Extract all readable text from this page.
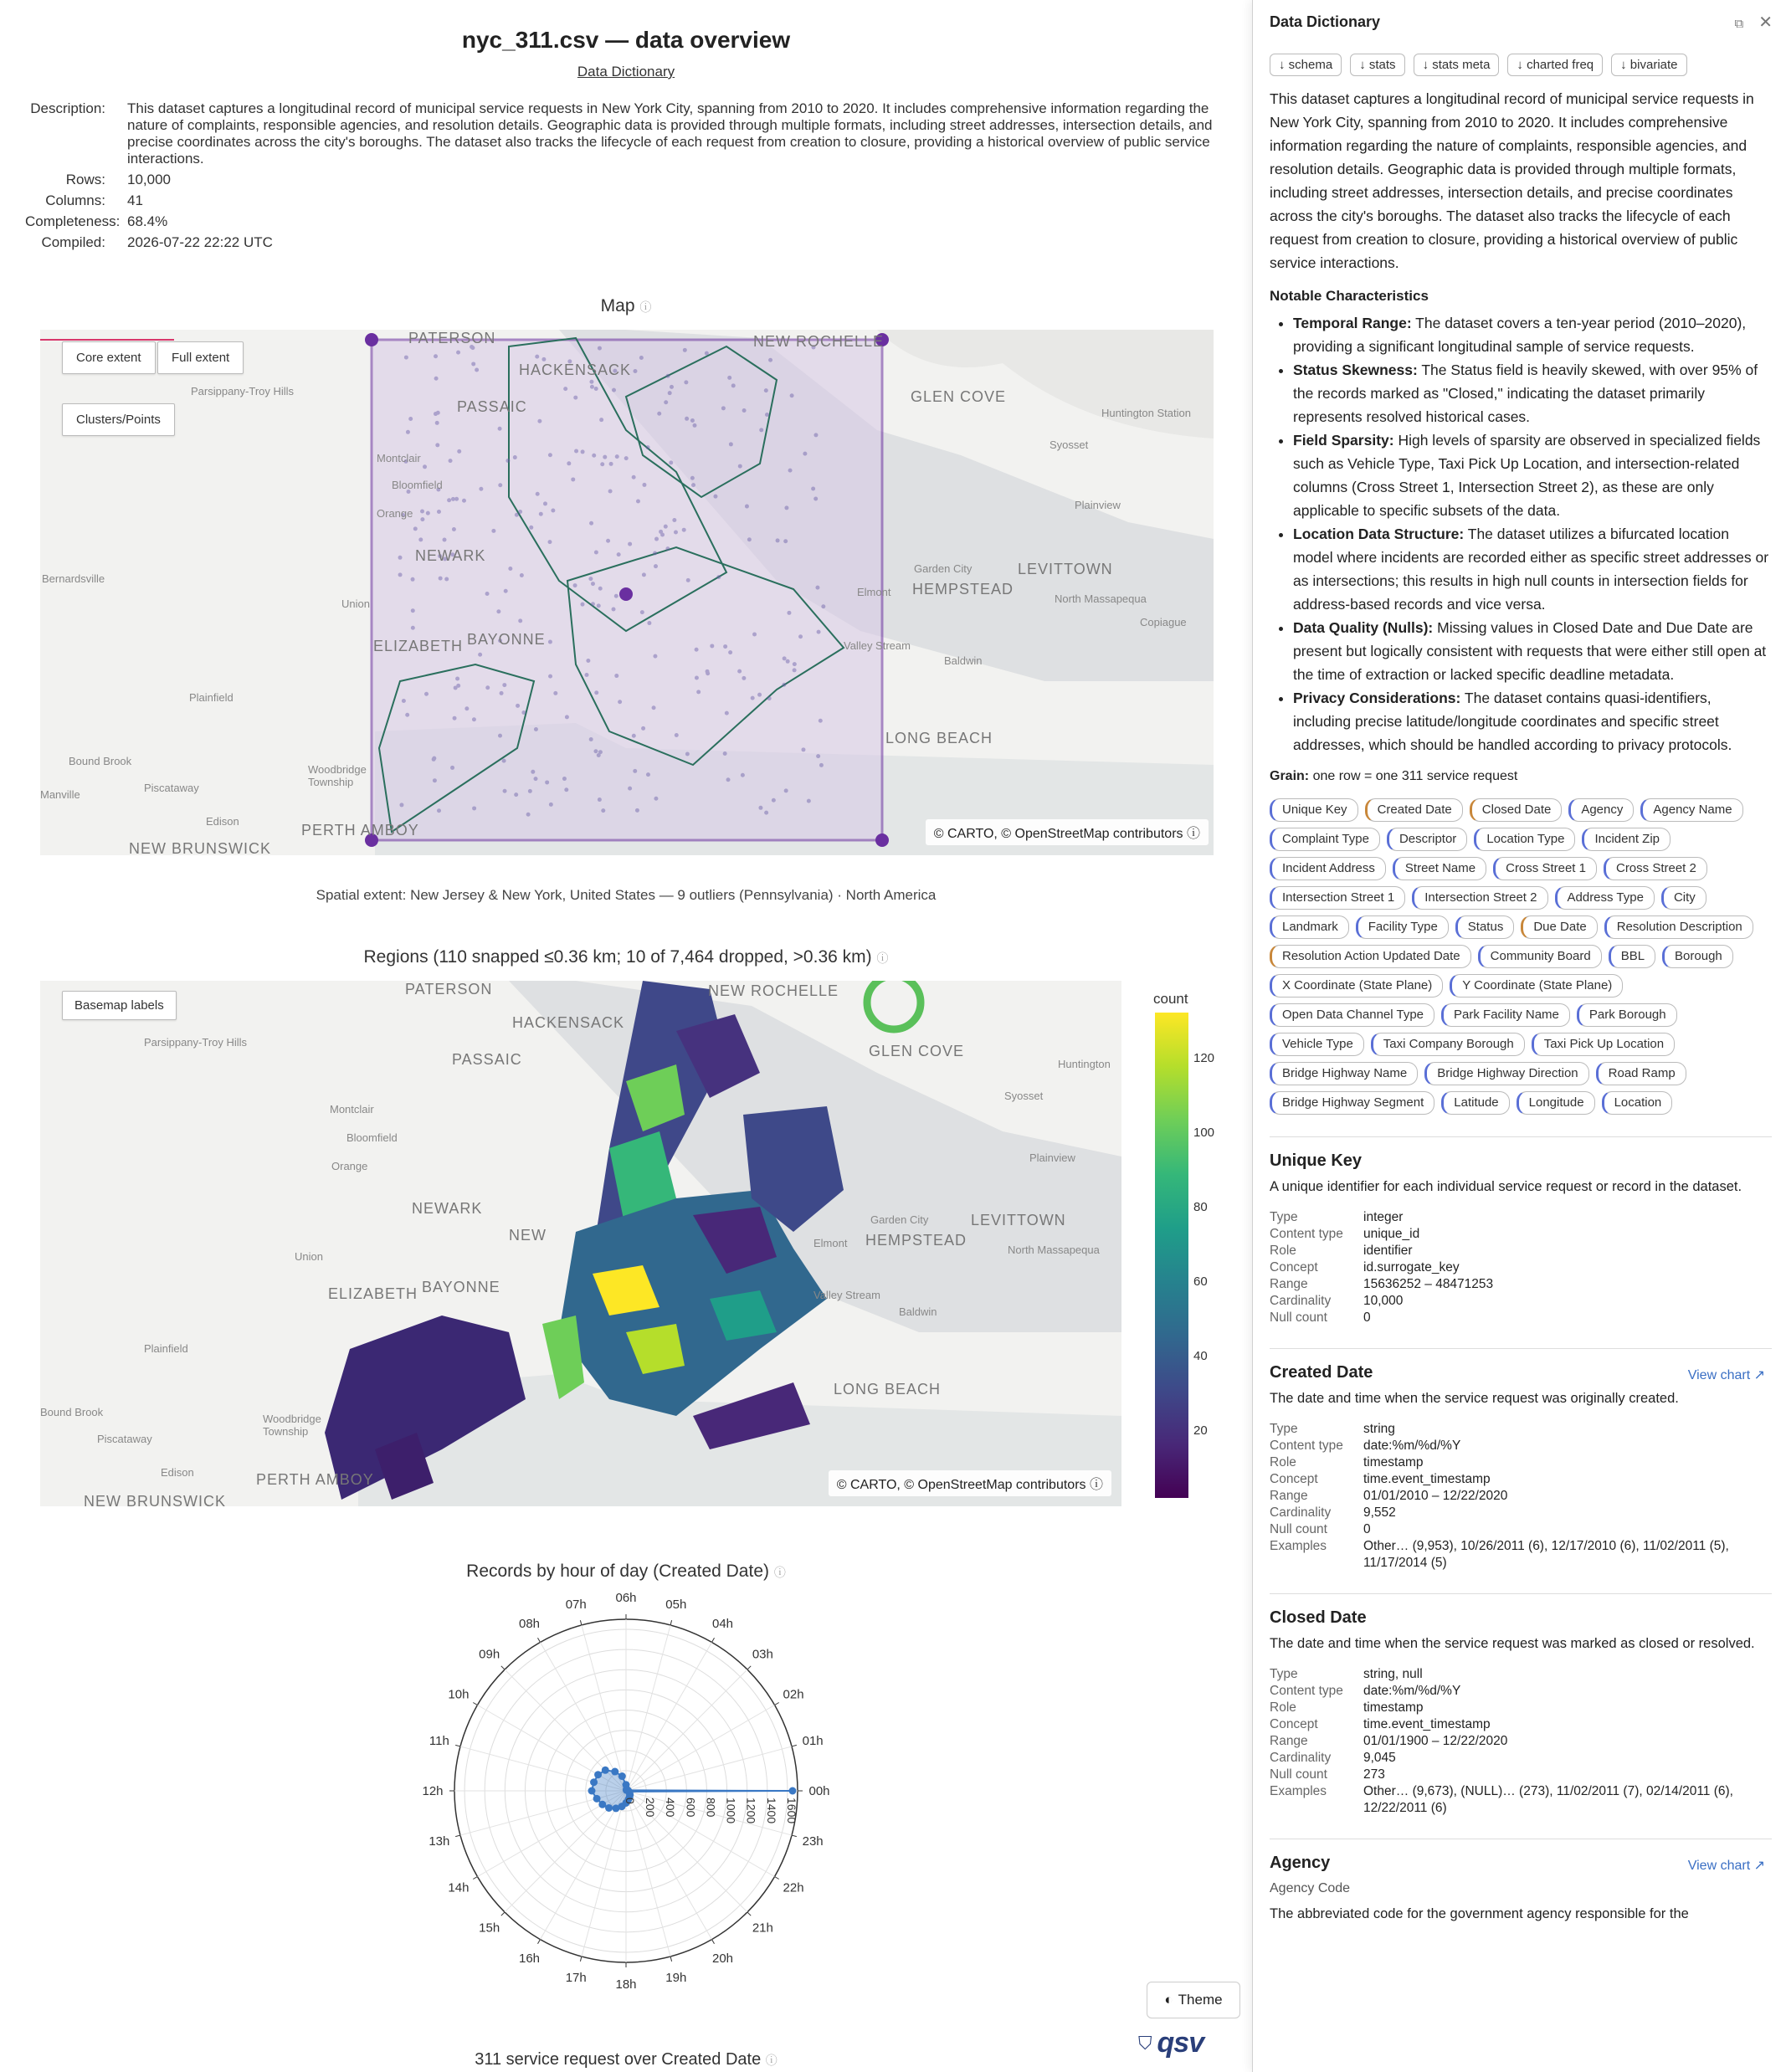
nyc_311.csv — data overview
Data Dictionary
Description:	This dataset captures a longitudinal record of municipal service requests in New York City, spanning from 2010 to 2020. It includes comprehensive information regarding the nature of complaints, responsible agencies, and resolution details. Geographic data is provided through multiple formats, including street addresses, intersection details, and precise coordinates across the city's boroughs. The dataset also tracks the lifecycle of each request from creation to closure, providing a historical overview of public service interactions.
Rows:	10,000
Columns:	41
Completeness: 68.4%
Compiled:	2026-07-22 22:22 UTC
Map ⓘ
PATERSON
HACKENSACK
PASSAIC
NEWARK
ELIZABETH BAYONNE
NEW ROCHELLE
GLEN COVE
HEMPSTEAD
LEVITTOWN
LONG BEACH
PERTH AMBOY
NEW BRUNSWICK
Parsippany-Troy Hills
Montclair
Bloomfield
Orange
Bernardsville
Union
Plainfield
Bound Brook
Manville
Piscataway
Edison
Woodbridge Township
Huntington Station
Syosset
Plainview
Garden City
North Massapequa
Copiague
Baldwin
Valley Stream
Elmont
Core extent	Full extent
Clusters/Points
© CARTO, © OpenStreetMap contributors ⓘ
Spatial extent: New Jersey & New York, United States — 9 outliers (Pennsylvania) · North America
Regions (110 snapped ≤0.36 km; 10 of 7,464 dropped, >0.36 km) ⓘ
PATERSON
HACKENSACK
PASSAIC
NEWARK
ELIZABETH BAYONNE
NEW ROCHELLE
GLEN COVE
HEMPSTEAD
LEVITTOWN
LONG BEACH
PERTH AMBOY
NEW BRUNSWICK
NEW
Parsippany-Troy Hills
Montclair
Bloomfield
Orange
Union
Plainfield
Bound Brook
Piscataway
Edison
Woodbridge Township
Huntington
Syosset
Plainview
Garden City
North Massapequa
Baldwin
Valley Stream
Elmont
Basemap labels
© CARTO, © OpenStreetMap contributors ⓘ
count
120
100
80
60
40
20
Records by hour of day (Created Date) ⓘ
00h
01h
02h
03h
04h
05h
06h
07h
08h
09h
10h
11h
12h
13h
14h
15h
16h
17h 18h 19h
20h
21h
22h
23h
0 200 400 600 800 1000 1200 1400 1600
◐ Theme
⛉ qsv
311 service request over Created Date ⓘ
Data Dictionary	⧉ ✕
↓ schema	↓ stats	↓ stats meta	↓ charted freq	↓ bivariate

This dataset captures a longitudinal record of municipal service requests in New York City, spanning from 2010 to 2020. It includes comprehensive information regarding the nature of complaints, responsible agencies, and resolution details. Geographic data is provided through multiple formats, including street addresses, intersection details, and precise coordinates across the city's boroughs. The dataset also tracks the lifecycle of each request from creation to closure, providing a historical overview of public service interactions.

Notable Characteristics
• Temporal Range: The dataset covers a ten-year period (2010–2020), providing a significant longitudinal sample of service requests.
• Status Skewness: The Status field is heavily skewed, with over 95% of the records marked as "Closed," indicating the dataset primarily represents resolved historical cases.
• Field Sparsity: High levels of sparsity are observed in specialized fields such as Vehicle Type, Taxi Pick Up Location, and intersection-related columns (Cross Street 1, Intersection Street 2), as these are only applicable to specific subsets of the data.
• Location Data Structure: The dataset utilizes a bifurcated location model where incidents are recorded either as specific street addresses or as intersections; this results in high null counts in intersection fields for address-based records and vice versa.
• Data Quality (Nulls): Missing values in Closed Date and Due Date are present but logically consistent with requests that were either still open at the time of extraction or lacked specific deadline metadata.
• Privacy Considerations: The dataset contains quasi-identifiers, including precise latitude/longitude coordinates and specific street addresses, which should be handled according to privacy protocols.
Grain: one row = one 311 service request
Unique Key	Created Date	Closed Date	Agency	Agency Name
Complaint Type	Descriptor	Location Type	Incident Zip
Incident Address	Street Name	Cross Street 1	Cross Street 2
Intersection Street 1	Intersection Street 2	Address Type	City
Landmark	Facility Type	Status	Due Date	Resolution Description
Resolution Action Updated Date	Community Board	BBL	Borough
X Coordinate (State Plane)	Y Coordinate (State Plane)
Open Data Channel Type	Park Facility Name	Park Borough
Vehicle Type	Taxi Company Borough	Taxi Pick Up Location
Bridge Highway Name	Bridge Highway Direction	Road Ramp
Bridge Highway Segment	Latitude	Longitude	Location
Unique Key
A unique identifier for each individual service request or record in the dataset.
Type	integer
Content type	unique_id
Role	identifier
Concept	id.surrogate_key
Range	15636252 – 48471253
Cardinality	10,000
Null count	0
Created Date	View chart ↗
The date and time when the service request was originally created.
Type	string
Content type	date:%m/%d/%Y
Role	timestamp
Concept	time.event_timestamp
Range	01/01/2010 – 12/22/2020
Cardinality	9,552
Null count	0
Examples	Other… (9,953), 10/26/2011 (6), 12/17/2010 (6), 11/02/2011 (5), 11/17/2014 (5)
Closed Date
The date and time when the service request was marked as closed or resolved.
Type	string, null
Content type	date:%m/%d/%Y
Role	timestamp
Concept	time.event_timestamp
Range	01/01/1900 – 12/22/2020
Cardinality	9,045
Null count	273
Examples	Other… (9,673), (NULL)… (273), 11/02/2011 (7), 02/14/2011 (6), 12/22/2011 (6)
Agency	View chart ↗
Agency Code
The abbreviated code for the government agency responsible for the
